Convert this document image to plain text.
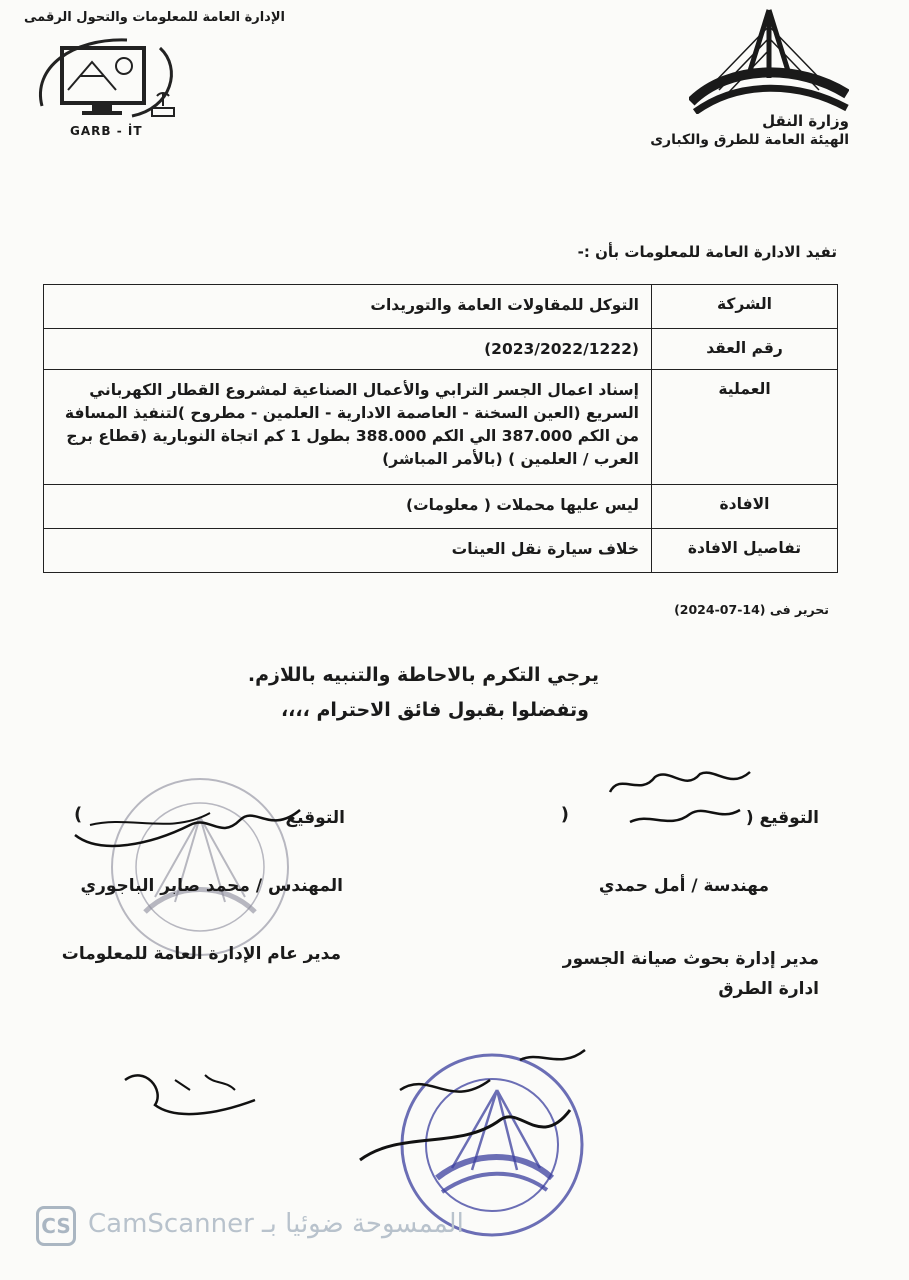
الإدارة العامة للمعلومات والتحول الرقمى
GARB - İT
وزارة النقل
الهيئة العامة للطرق والكبارى
تفيد الادارة العامة للمعلومات بأن :-
الشركة	التوكل للمقاولات العامة والتوريدات
رقم العقد	(2023/2022/1222)
العملية	إسناد اعمال الجسر الترابي والأعمال الصناعية لمشروع القطار الكهرباني السريع (العين السخنة - العاصمة الادارية - العلمين - مطروح )لتنفيذ المسافة من الكم 387.000 الي الكم 388.000 بطول 1 كم اتجاة النوبارية (قطاع برج العرب / العلمين ) (بالأمر المباشر)
الافادة	ليس عليها محملات ( معلومات)
تفاصيل الافادة	خلاف سيارة نقل العينات
تحرير فى (14-07-2024)
يرجي التكرم بالاحاطة والتنبيه باللازم.
وتفضلوا بقبول فائق الاحترام ،،،،
التوقيع
(	التوقيع (
)
المهندس / محمد صابر الباجوري	مهندسة / أمل حمدي
مدير عام الإدارة العامة للمعلومات	مدير إدارة بحوث صيانة الجسور ادارة الطرق
CS الممسوحة ضوئيا بـ CamScanner
